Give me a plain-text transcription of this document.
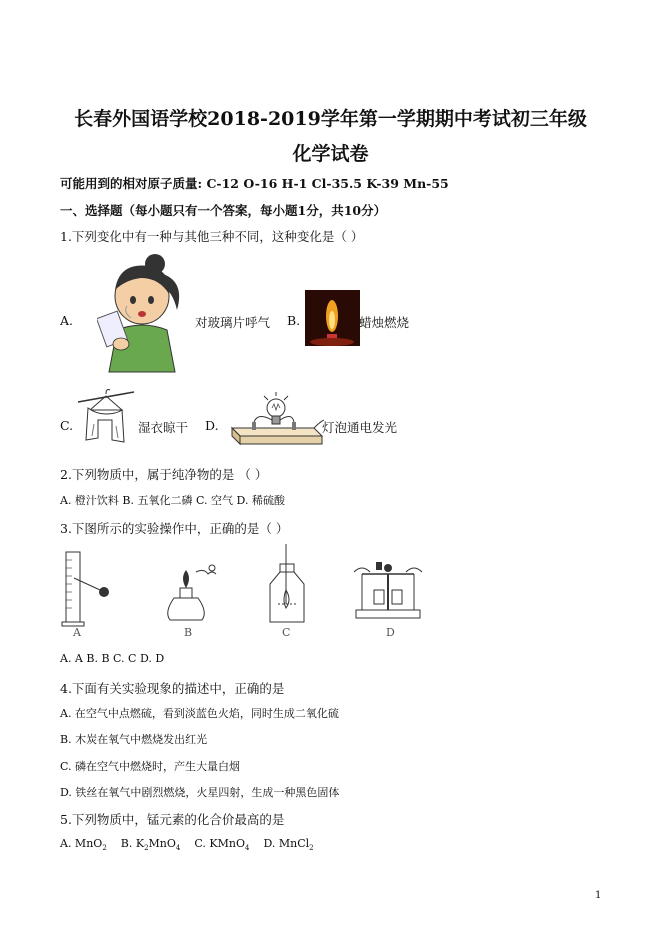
长春外国语学校2018-2019学年第一学期期中考试初三年级
化学试卷
可能用到的相对原子质量: C-12 O-16 H-1 Cl-35.5 K-39 Mn-55
一、选择题（每小题只有一个答案，每小题1分，共10分）
1.下列变化中有一种与其他三种不同，这种变化是（ ）
A.	对玻璃片呼气 B.	蜡烛燃烧
C.	湿衣晾干 D.	灯泡通电发光
2.下列物质中，属于纯净物的是 （ ）
A. 橙汁饮料 B. 五氧化二磷 C. 空气 D. 稀硫酸
3.下图所示的实验操作中，正确的是（ ）
A	B	C	D
A. A B. B C. C D. D
4.下面有关实验现象的描述中，正确的是
A. 在空气中点燃硫，看到淡蓝色火焰，同时生成二氧化硫
B. 木炭在氧气中燃烧发出红光
C. 磷在空气中燃烧时，产生大量白烟
D. 铁丝在氧气中剧烈燃烧，火星四射，生成一种黑色固体
5.下列物质中，锰元素的化合价最高的是
A. MnO$_2$ B. $K_2MnO_4$ C. KMnO$_4$ D. MnCl$_2$
1
